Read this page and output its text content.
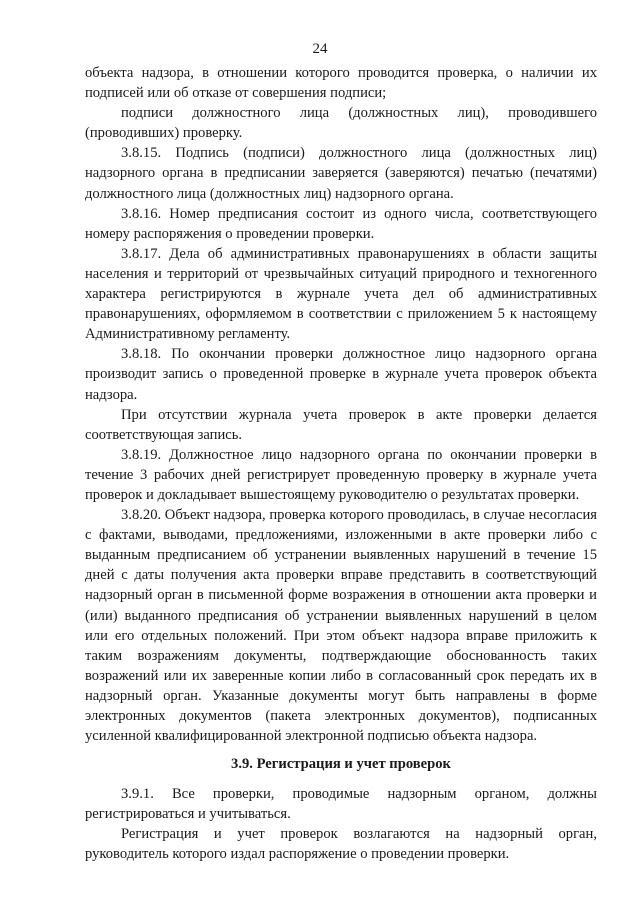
24

объекта надзора, в отношении которого проводится проверка, о наличии их подписей или об отказе от совершения подписи;

подписи должностного лица (должностных лиц), проводившего (проводивших) проверку.

3.8.15. Подпись (подписи) должностного лица (должностных лиц) надзорного органа в предписании заверяется (заверяются) печатью (печатями) должностного лица (должностных лиц) надзорного органа.

3.8.16. Номер предписания состоит из одного числа, соответствующего номеру распоряжения о проведении проверки.

3.8.17. Дела об административных правонарушениях в области защиты населения и территорий от чрезвычайных ситуаций природного и техногенного характера регистрируются в журнале учета дел об административных правонарушениях, оформляемом в соответствии с приложением 5 к настоящему Административному регламенту.

3.8.18. По окончании проверки должностное лицо надзорного органа производит запись о проведенной проверке в журнале учета проверок объекта надзора.

При отсутствии журнала учета проверок в акте проверки делается соответствующая запись.

3.8.19. Должностное лицо надзорного органа по окончании проверки в течение 3 рабочих дней регистрирует проведенную проверку в журнале учета проверок и докладывает вышестоящему руководителю о результатах проверки.

3.8.20. Объект надзора, проверка которого проводилась, в случае несогласия с фактами, выводами, предложениями, изложенными в акте проверки либо с выданным предписанием об устранении выявленных нарушений в течение 15 дней с даты получения акта проверки вправе представить в соответствующий надзорный орган в письменной форме возражения в отношении акта проверки и (или) выданного предписания об устранении выявленных нарушений в целом или его отдельных положений. При этом объект надзора вправе приложить к таким возражениям документы, подтверждающие обоснованность таких возражений или их заверенные копии либо в согласованный срок передать их в надзорный орган. Указанные документы могут быть направлены в форме электронных документов (пакета электронных документов), подписанных усиленной квалифицированной электронной подписью объекта надзора.

3.9. Регистрация и учет проверок

3.9.1. Все проверки, проводимые надзорным органом, должны регистрироваться и учитываться.

Регистрация и учет проверок возлагаются на надзорный орган, руководитель которого издал распоряжение о проведении проверки.
